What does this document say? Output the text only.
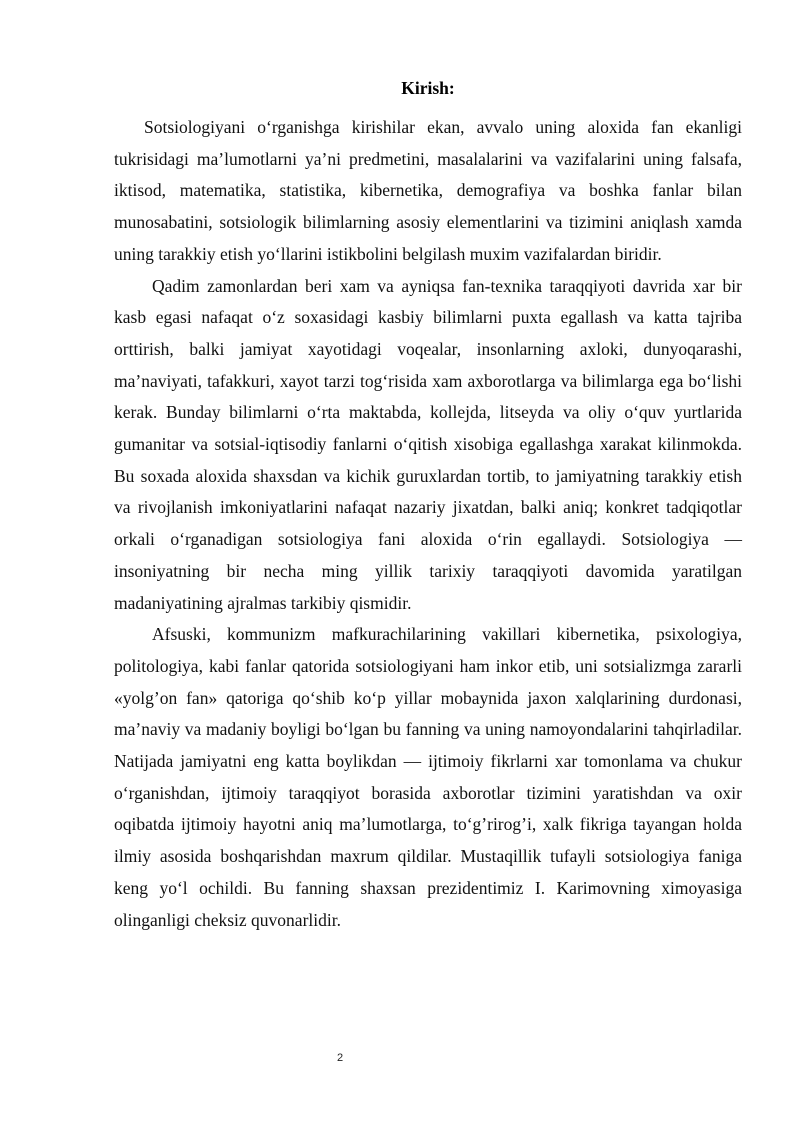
Kirish:

Sotsiologiyani o‘rganishga kirishilar ekan, avvalo uning aloxida fan ekanligi tukrisidagi ma’lumotlarni ya’ni predmetini, masalalarini va vazifalarini uning falsafa, iktisod, matematika, statistika, kibernetika, demografiya va boshka fanlar bilan munosabatini, sotsiologik bilimlarning asosiy elementlarini va tizimini aniqlash xamda uning tarakkiy etish yo‘llarini istikbolini belgilash muxim vazifalardan biridir.

Qadim zamonlardan beri xam va ayniqsa fan-texnika taraqqiyoti davrida xar bir kasb egasi nafaqat o‘z soxasidagi kasbiy bilimlarni puxta egallash va katta tajriba orttirish, balki jamiyat xayotidagi voqealar, insonlarning axloki, dunyoqarashi, ma’naviyati, tafakkuri, xayot tarzi tog‘risida xam axborotlarga va bilimlarga ega bo‘lishi kerak. Bunday bilimlarni o‘rta maktabda, kollejda, litseyda va oliy o‘quv yurtlarida gumanitar va sotsial-iqtisodiy fanlarni o‘qitish xisobiga egallashga xarakat kilinmokda. Bu soxada aloxida shaxsdan va kichik guruxlardan tortib, to jamiyatning tarakkiy etish va rivojlanish imkoniyatlarini nafaqat nazariy jixatdan, balki aniq; konkret tadqiqotlar orkali o‘rganadigan sotsiologiya fani aloxida o‘rin egallaydi. Sotsiologiya — insoniyatning bir necha ming yillik tarixiy taraqqiyoti davomida yaratilgan madaniyatining ajralmas tarkibiy qismidir.

Afsuski, kommunizm mafkurachilarining vakillari kibernetika, psixologiya, politologiya, kabi fanlar qatorida sotsiologiyani ham inkor etib, uni sotsializmga zararli «yolg’on fan» qatoriga qo‘shib ko‘p yillar mobaynida jaxon xalqlarining durdonasi, ma’naviy va madaniy boyligi bo‘lgan bu fanning va uning namoyondalarini tahqirladilar. Natijada jamiyatni eng katta boylikdan — ijtimoiy fikrlarni xar tomonlama va chukur o‘rganishdan, ijtimoiy taraqqiyot borasida axborotlar tizimini yaratishdan va oxir oqibatda ijtimoiy hayotni aniq ma’lumotlarga, to‘g’rirog’i, xalk fikriga tayangan holda ilmiy asosida boshqarishdan maxrum qildilar. Mustaqillik tufayli sotsiologiya faniga keng yo‘l ochildi. Bu fanning shaxsan prezidentimiz I. Karimovning ximoyasiga olinganligi cheksiz quvonarlidir.

2
